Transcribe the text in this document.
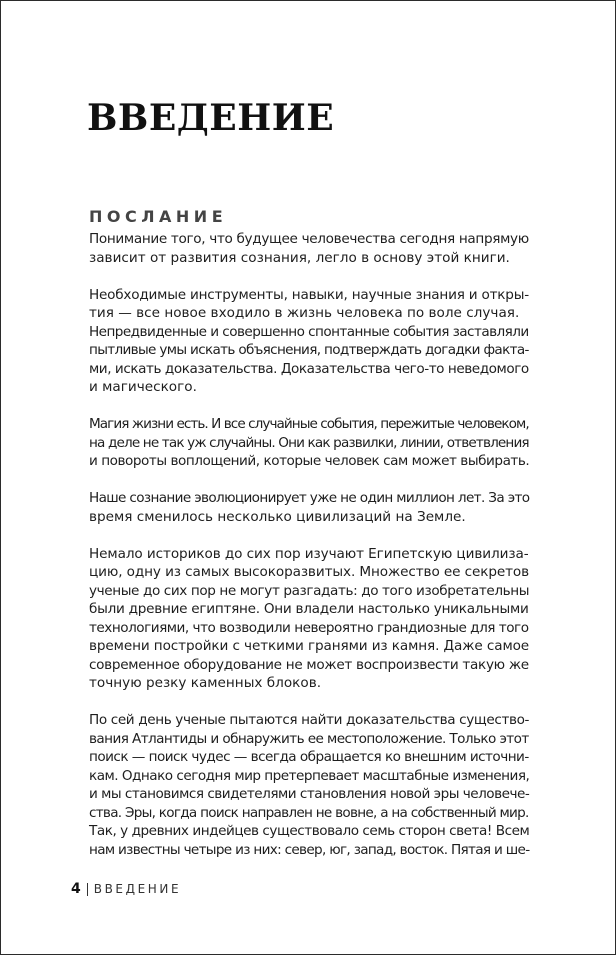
ВВЕДЕНИЕ
ПОСЛАНИЕ

Понимание того, что будущее человечества сегодня напрямую
зависит от развития сознания, легло в основу этой книги.

Необходимые инструменты, навыки, научные знания и откры-
тия — все новое входило в жизнь человека по воле случая.
Непредвиденные и совершенно спонтанные события заставляли
пытливые умы искать объяснения, подтверждать догадки факта-
ми, искать доказательства. Доказательства чего-то неведомого
и магического.

Магия жизни есть. И все случайные события, пережитые человеком,
на деле не так уж случайны. Они как развилки, линии, ответвления
и повороты воплощений, которые человек сам может выбирать.

Наше сознание эволюционирует уже не один миллион лет. За это
время сменилось несколько цивилизаций на Земле.

Немало историков до сих пор изучают Египетскую цивилиза-
цию, одну из самых высокоразвитых. Множество ее секретов
ученые до сих пор не могут разгадать: до того изобретательны
были древние египтяне. Они владели настолько уникальными
технологиями, что возводили невероятно грандиозные для того
времени постройки с четкими гранями из камня. Даже самое
современное оборудование не может воспроизвести такую же
точную резку каменных блоков.

По сей день ученые пытаются найти доказательства существо-
вания Атлантиды и обнаружить ее местоположение. Только этот
поиск — поиск чудес — всегда обращается ко внешним источни-
кам. Однако сегодня мир претерпевает масштабные изменения,
и мы становимся свидетелями становления новой эры человече-
ства. Эры, когда поиск направлен не вовне, а на собственный мир.
Так, у древних индейцев существовало семь сторон света! Всем
нам известны четыре из них: север, юг, запад, восток. Пятая и ше-

4 ВВЕДЕНИЕ
